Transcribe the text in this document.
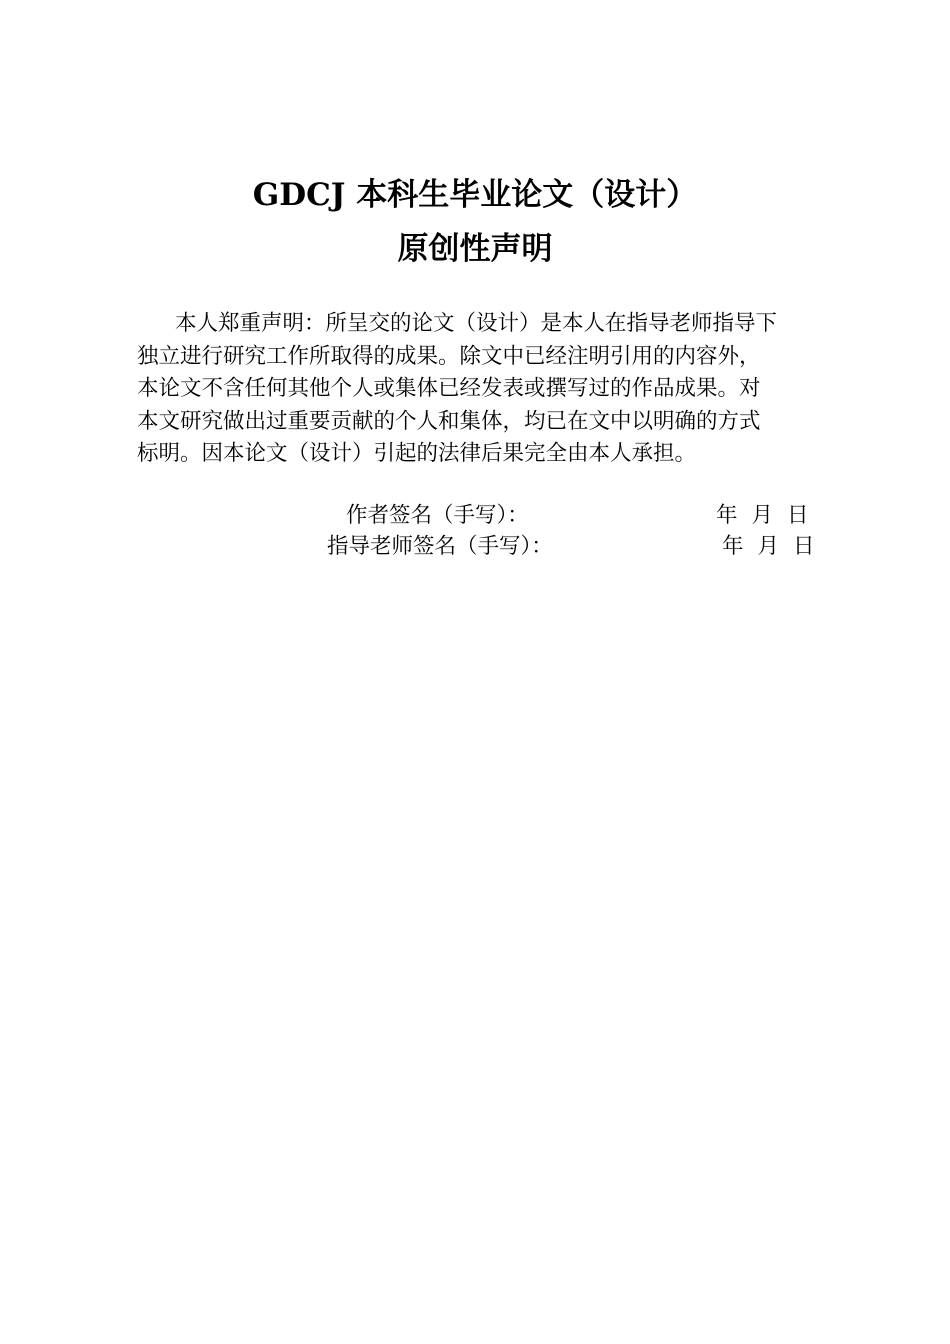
GDCJ 本科生毕业论文（设计）
原创性声明
本人郑重声明：所呈交的论文（设计）是本人在指导老师指导下
独立进行研究工作所取得的成果。除文中已经注明引用的内容外，
本论文不含任何其他个人或集体已经发表或撰写过的作品成果。对
本文研究做出过重要贡献的个人和集体，均已在文中以明确的方式
标明。因本论文（设计）引起的法律后果完全由本人承担。
作者签名（手写）：	年 月 日
指导老师签名（手写）：	年 月 日
